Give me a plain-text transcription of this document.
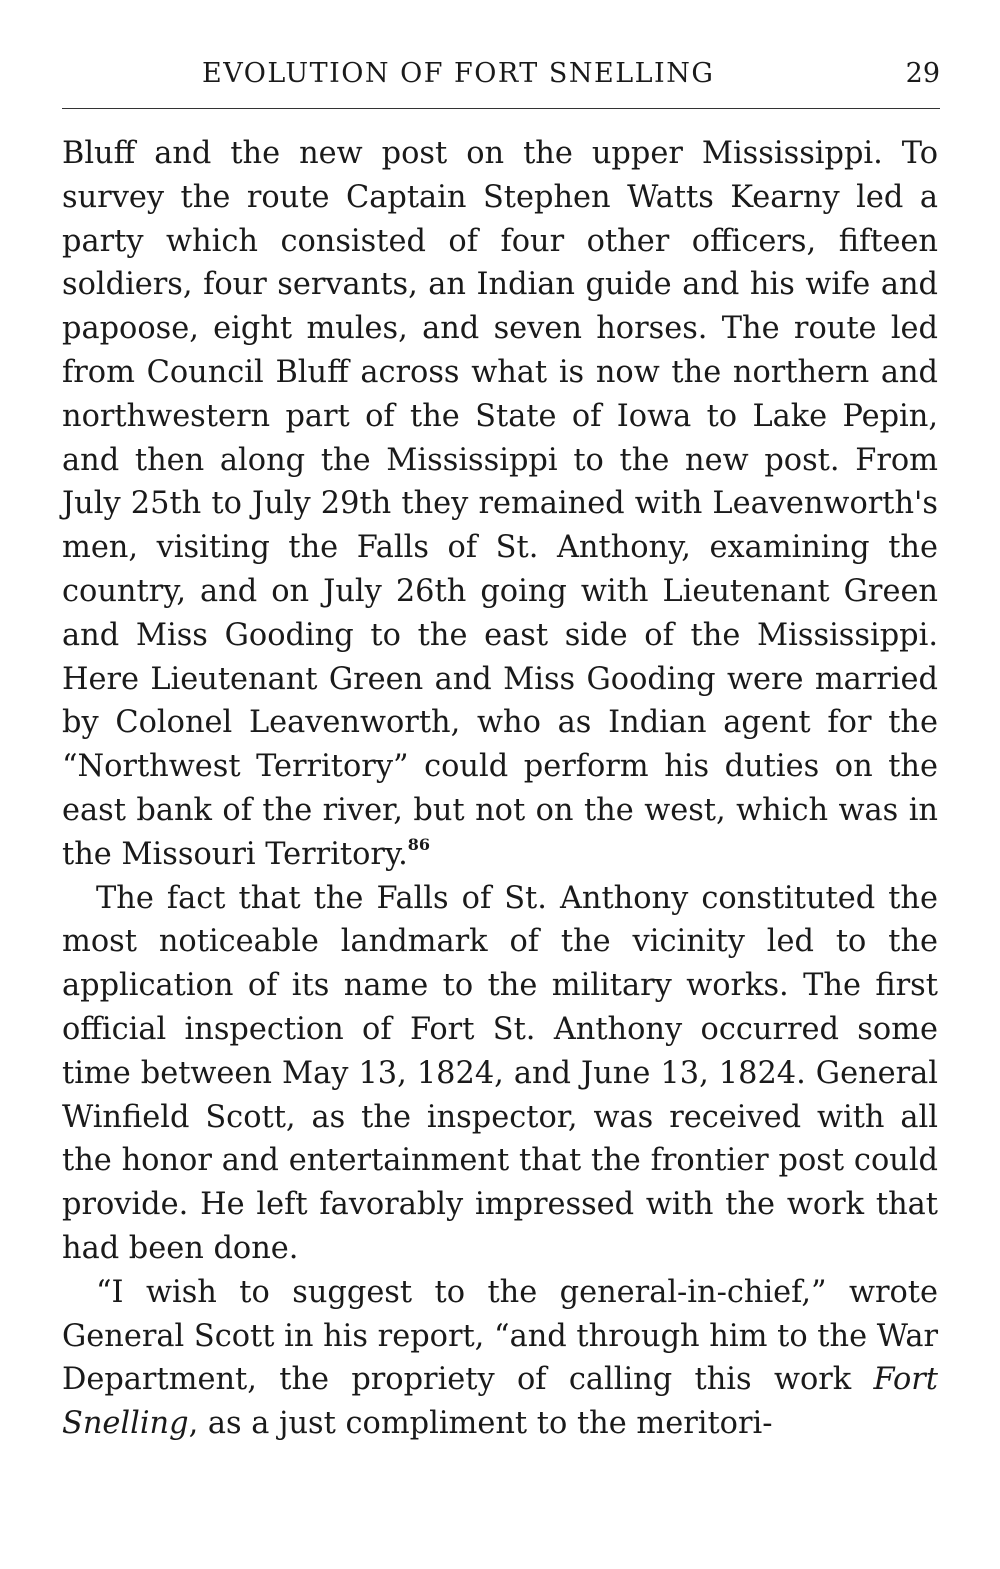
EVOLUTION OF FORT SNELLING	29

Bluff and the new post on the upper Mississippi. To survey the route Captain Stephen Watts Kearny led a party which consisted of four other officers, fifteen soldiers, four servants, an Indian guide and his wife and papoose, eight mules, and seven horses. The route led from Council Bluff across what is now the northern and northwestern part of the State of Iowa to Lake Pepin, and then along the Mississippi to the new post. From July 25th to July 29th they remained with Leavenworth's men, visiting the Falls of St. Anthony, examining the country, and on July 26th going with Lieutenant Green and Miss Gooding to the east side of the Mississippi. Here Lieutenant Green and Miss Gooding were married by Colonel Leavenworth, who as Indian agent for the “Northwest Territory” could perform his duties on the east bank of the river, but not on the west, which was in the Missouri Territory.$^{86}$

The fact that the Falls of St. Anthony constituted the most noticeable landmark of the vicinity led to the application of its name to the military works. The first official inspection of Fort St. Anthony occurred some time between May 13, 1824, and June 13, 1824. General Winfield Scott, as the inspector, was received with all the honor and entertainment that the frontier post could provide. He left favorably impressed with the work that had been done.

“I wish to suggest to the general-in-chief,” wrote General Scott in his report, “and through him to the War Department, the propriety of calling this work Fort Snelling, as a just compliment to the meritori-
